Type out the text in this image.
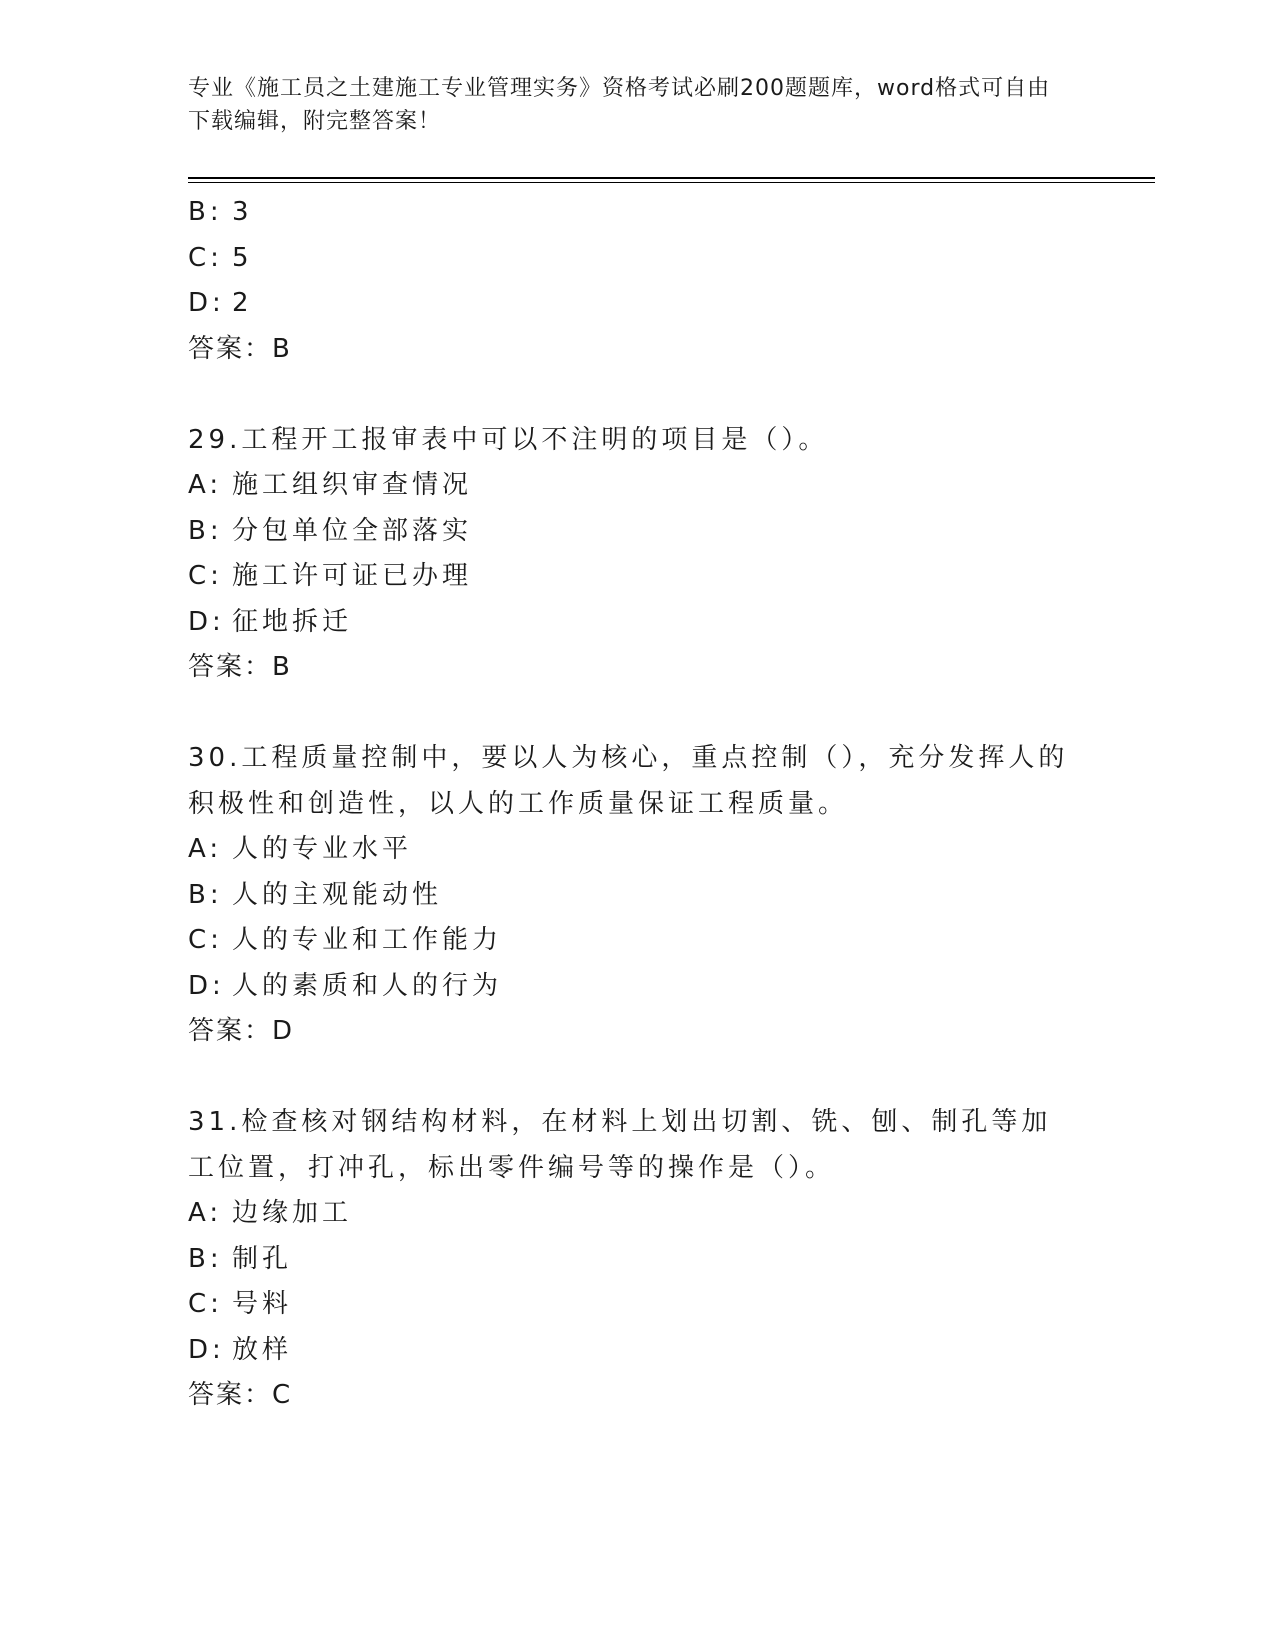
专业《施工员之土建施工专业管理实务》资格考试必刷200题题库，word格式可自由下载编辑，附完整答案！
B: 3
C: 5
D: 2
答案：B
29.工程开工报审表中可以不注明的项目是（）。
A: 施工组织审查情况
B: 分包单位全部落实
C: 施工许可证已办理
D: 征地拆迁
答案：B
30.工程质量控制中，要以人为核心，重点控制（），充分发挥人的积极性和创造性，以人的工作质量保证工程质量。
A: 人的专业水平
B: 人的主观能动性
C: 人的专业和工作能力
D: 人的素质和人的行为
答案：D
31.检查核对钢结构材料，在材料上划出切割、铣、刨、制孔等加工位置，打冲孔，标出零件编号等的操作是（）。
A: 边缘加工
B: 制孔
C: 号料
D: 放样
答案：C
